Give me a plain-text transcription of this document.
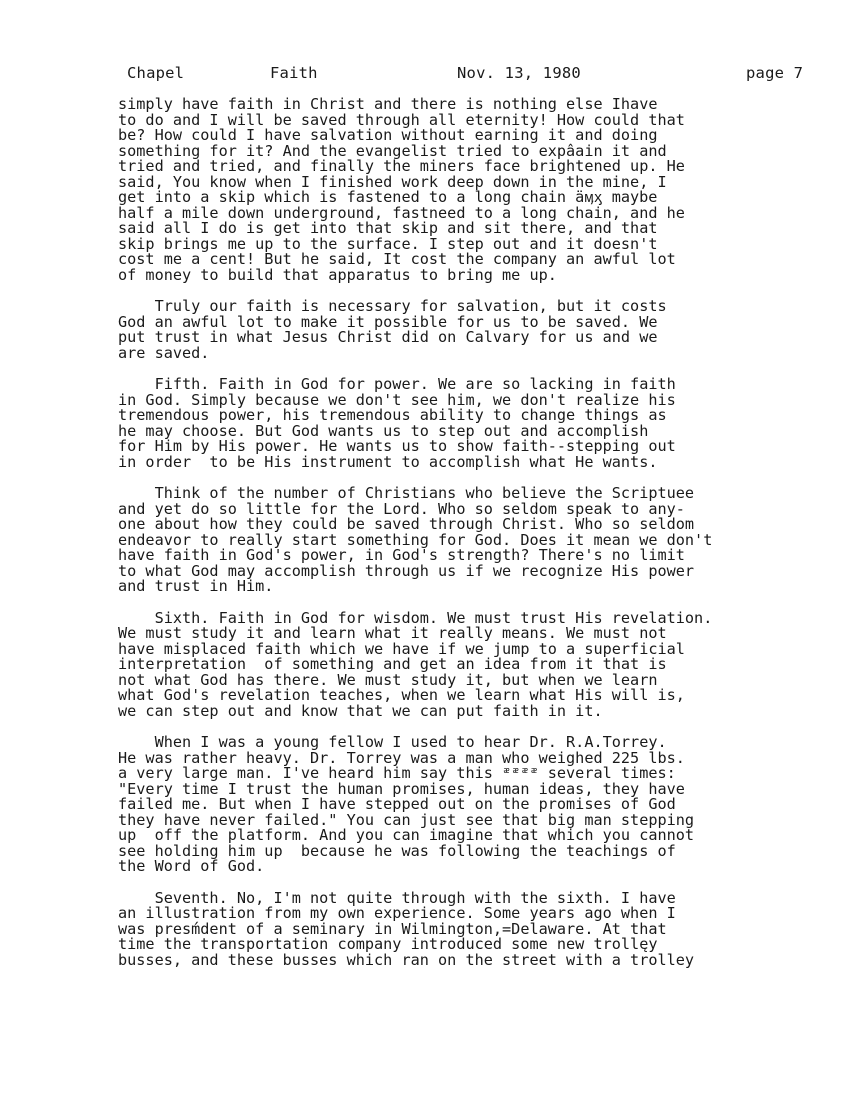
Chapel	Faith	Nov. 13, 1980	page 7
simply have faith in Christ and there is nothing else Ihave
to do and I will be saved through all eternity! How could that
be? How could I have salvation without earning it and doing
something for it? And the evangelist tried to expâain it and
tried and tried, and finally the miners face brightened up. He
said, You know when I finished work deep down in the mine, I
get into a skip which is fastened to a long chain ӓӎӽ maybe
half a mile down underground, fastneed to a long chain, and he
said all I do is get into that skip and sit there, and that
skip brings me up to the surface. I step out and it doesn't
cost me a cent! But he said, It cost the company an awful lot
of money to build that apparatus to bring me up.
Truly our faith is necessary for salvation, but it costs
God an awful lot to make it possible for us to be saved. We
put trust in what Jesus Christ did on Calvary for us and we
are saved.
Fifth. Faith in God for power. We are so lacking in faith
in God. Simply because we don't see him, we don't realize his
tremendous power, his tremendous ability to change things as
he may choose. But God wants us to step out and accomplish
for Him by His power. He wants us to show faith--stepping out
in order  to be His instrument to accomplish what He wants.
Think of the number of Christians who believe the Scriptuee
and yet do so little for the Lord. Who so seldom speak to any-
one about how they could be saved through Christ. Who so seldom
endeavor to really start something for God. Does it mean we don't
have faith in God's power, in God's strength? There's no limit
to what God may accomplish through us if we recognize His power
and trust in Him.
Sixth. Faith in God for wisdom. We must trust His revelation.
We must study it and learn what it really means. We must not
have misplaced faith which we have if we jump to a superficial
interpretation  of something and get an idea from it that is
not what God has there. We must study it, but when we learn
what God's revelation teaches, when we learn what His will is,
we can step out and know that we can put faith in it.
When I was a young fellow I used to hear Dr. R.A.Torrey.
He was rather heavy. Dr. Torrey was a man who weighed 225 lbs.
a very large man. I've heard him say this ᵆᵆᵆᵆ several times:
"Every time I trust the human promises, human ideas, they have
failed me. But when I have stepped out on the promises of God
they have never failed." You can just see that big man stepping
up  off the platform. And you can imagine that which you cannot
see holding him up  because he was following the teachings of
the Word of God.
Seventh. No, I'm not quite through with the sixth. I have
an illustration from my own experience. Some years ago when I
was presḿdent of a seminary in Wilmington,=Delaware. At that
time the transportation company introduced some new trollęy
busses, and these busses which ran on the street with a trolley
